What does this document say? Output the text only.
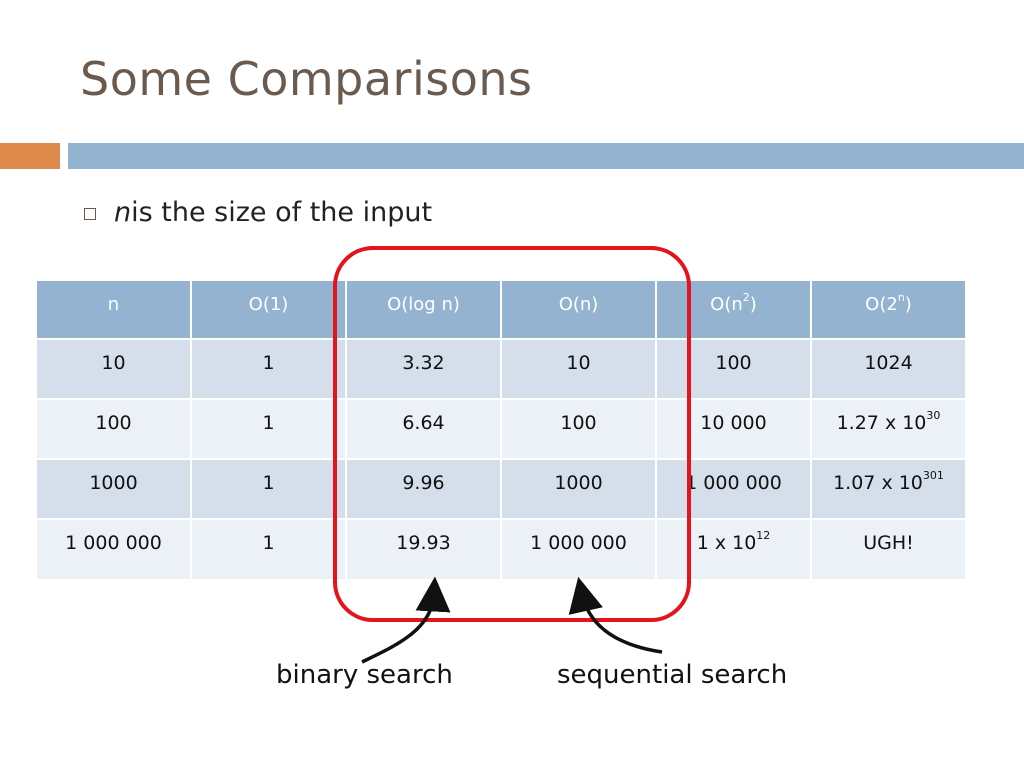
Some Comparisons
n is the size of the input
n	O(1)	O(log n)	O(n)	$O(n^2)$	O(2$^n$)
10	1	3.32	10	100	1024
100	1	6.64	100	10 000	1.27 x $10^{30}$
1000	1	9.96	1000	1 000 000	1.07 x $10^{301}$
1 000 000	1	19.93	1 000 000	1 x $10^{12}$	UGH!
binary search	sequential search
